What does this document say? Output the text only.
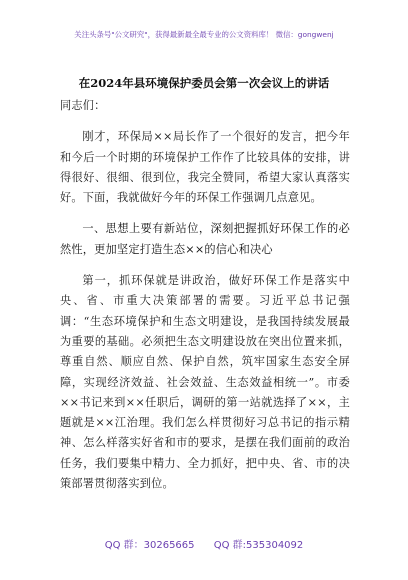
关注头条号"公文研究"，获得最新最全最专业的公文资料库！ 微信：gongwenj
在2024年县环境保护委员会第一次会议上的讲话

同志们：

刚才，环保局××局长作了一个很好的发言，把今年和今后一个时期的环境保护工作作了比较具体的安排，讲得很好、很细、很到位，我完全赞同，希望大家认真落实好。下面，我就做好今年的环保工作强调几点意见。

一、思想上要有新站位，深刻把握抓好环保工作的必然性，更加坚定打造生态××的信心和决心

第一，抓环保就是讲政治，做好环保工作是落实中央、省、市重大决策部署的需要。习近平总书记强调：“生态环境保护和生态文明建设，是我国持续发展最为重要的基础。必须把生态文明建设放在突出位置来抓，尊重自然、顺应自然、保护自然，筑牢国家生态安全屏障，实现经济效益、社会效益、生态效益相统一”。市委××书记来到××任职后，调研的第一站就选择了××，主题就是××江治理。我们怎么样贯彻好习总书记的指示精神、怎么样落实好省和市的要求，是摆在我们面前的政治任务，我们要集中精力、全力抓好，把中央、省、市的决策部署贯彻落实到位。

QQ 群：30265665 QQ 群:535304092
